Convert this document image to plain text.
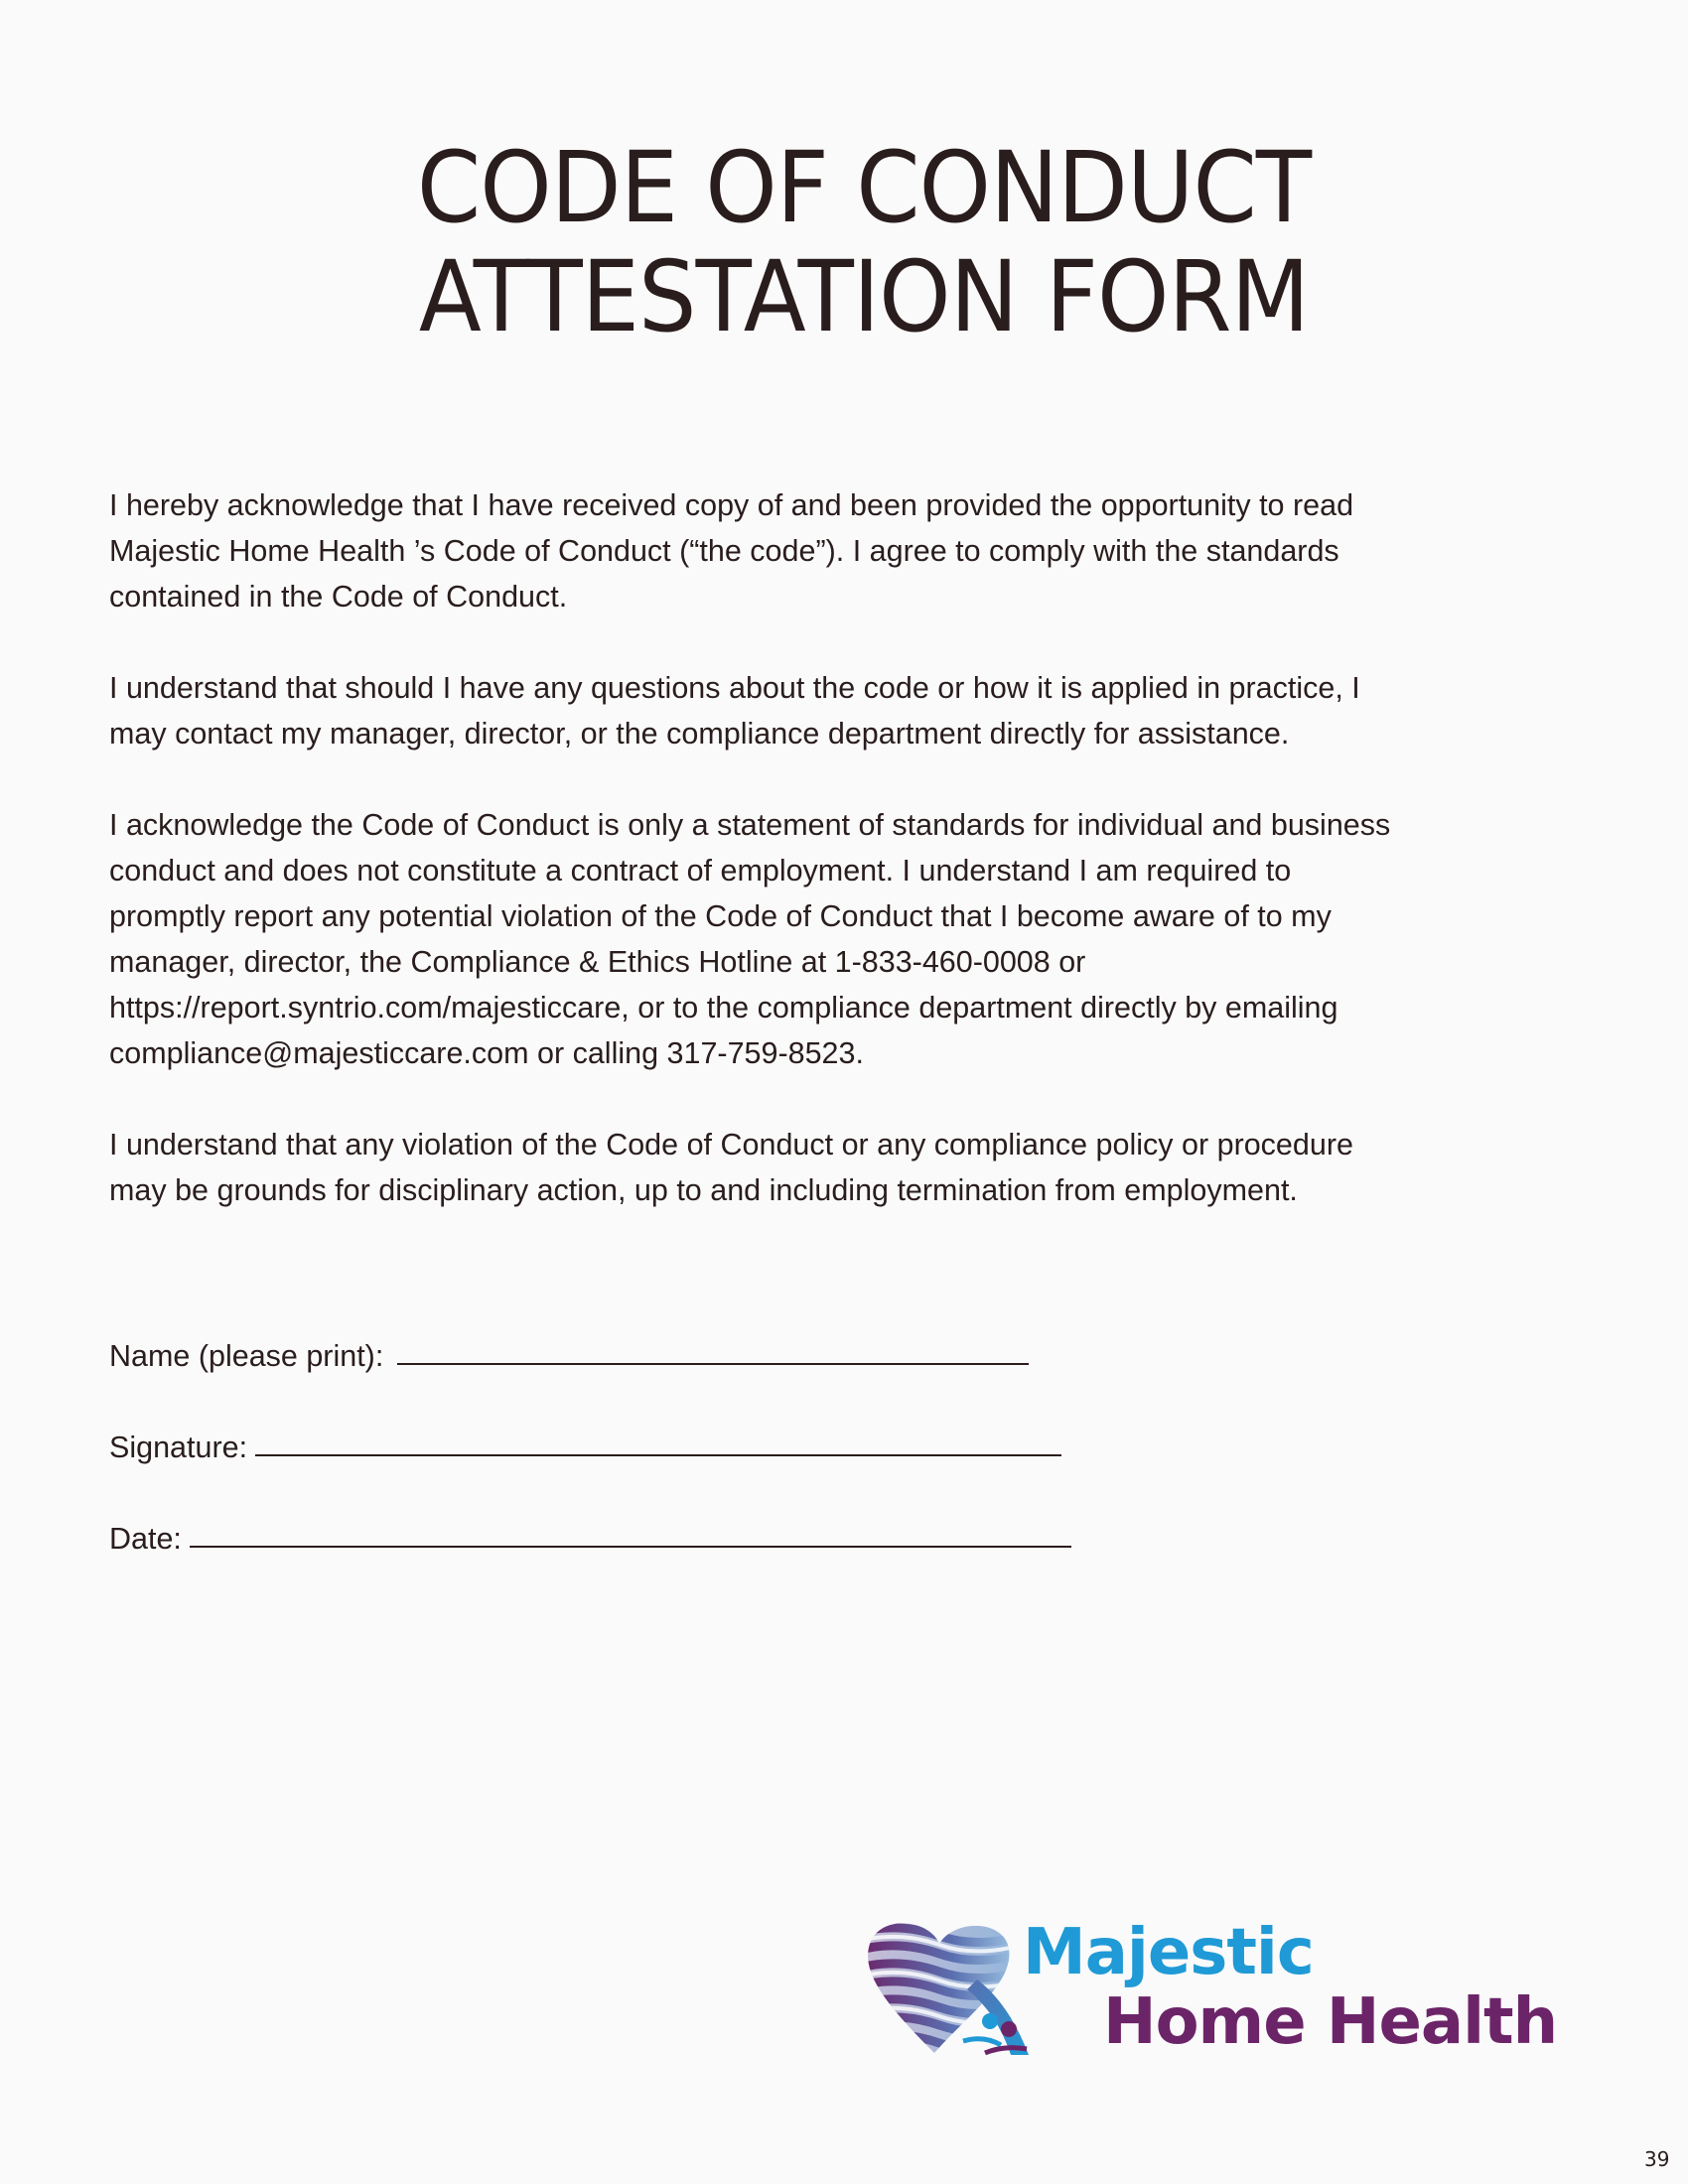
CODE OF CONDUCT
ATTESTATION FORM

I hereby acknowledge that I have received copy of and been provided the opportunity to read
Majestic Home Health ’s Code of Conduct (“the code”). I agree to comply with the standards
contained in the Code of Conduct.

I understand that should I have any questions about the code or how it is applied in practice, I
may contact my manager, director, or the compliance department directly for assistance.

I acknowledge the Code of Conduct is only a statement of standards for individual and business
conduct and does not constitute a contract of employment. I understand I am required to
promptly report any potential violation of the Code of Conduct that I become aware of to my
manager, director, the Compliance & Ethics Hotline at 1-833-460-0008 or
https://report.syntrio.com/majesticcare, or to the compliance department directly by emailing
compliance@majesticcare.com or calling 317-759-8523.

I understand that any violation of the Code of Conduct or any compliance policy or procedure
may be grounds for disciplinary action, up to and including termination from employment.

Name (please print):
Signature:
Date:
Majestic
Home Health
39
